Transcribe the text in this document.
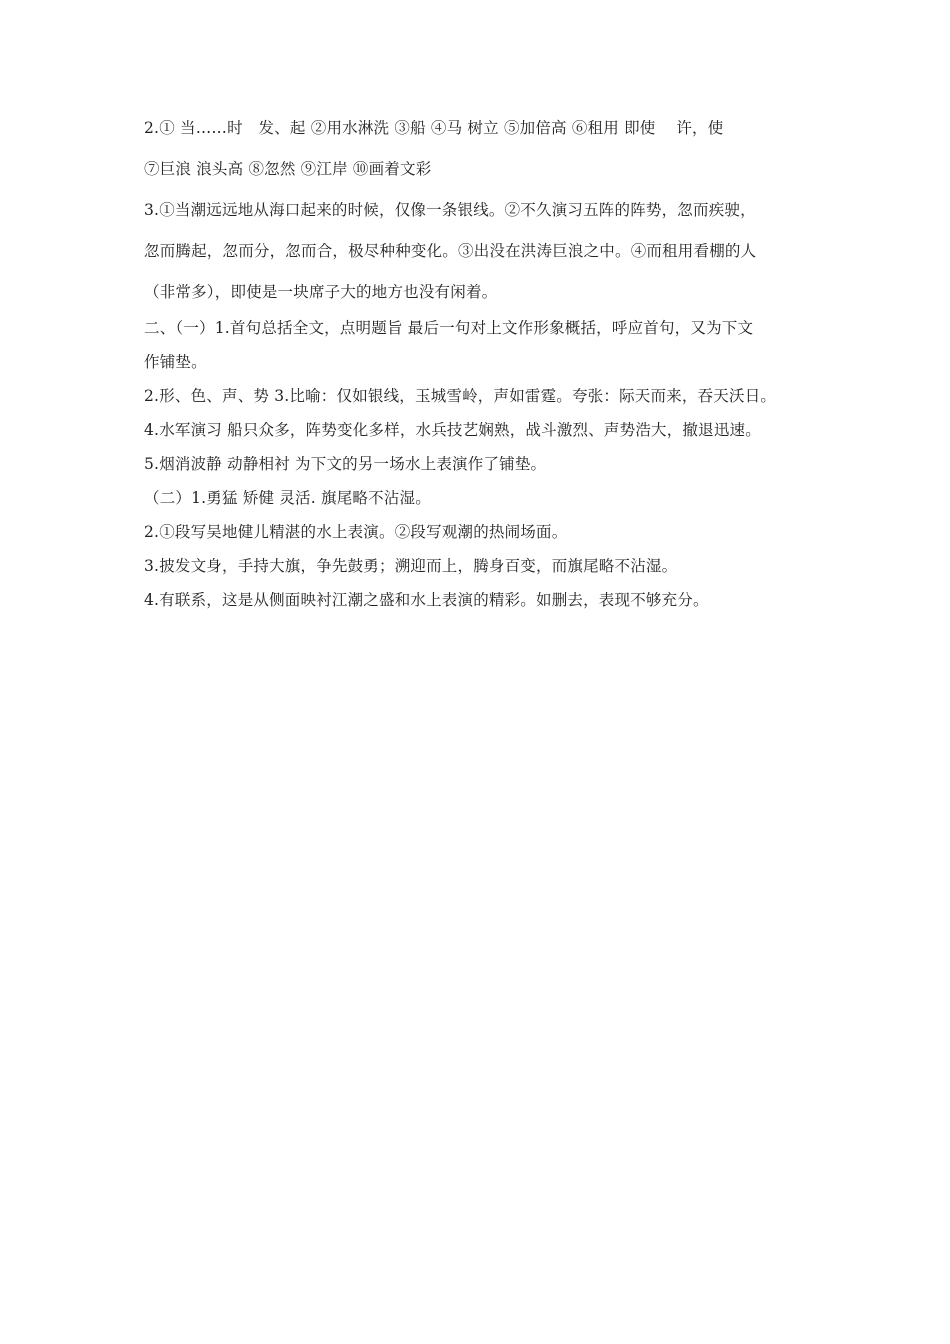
2.① 当……时　发、起 ②用水淋洗 ③船 ④马 树立 ⑤加倍高 ⑥租用 即使　 许，使

⑦巨浪 浪头高 ⑧忽然 ⑨江岸 ⑩画着文彩

3.①当潮远远地从海口起来的时候，仅像一条银线。②不久演习五阵的阵势，忽而疾驶，

忽而腾起，忽而分，忽而合，极尽种种变化。③出没在洪涛巨浪之中。④而租用看棚的人

（非常多），即使是一块席子大的地方也没有闲着。

二、（一）1.首句总括全文，点明题旨 最后一句对上文作形象概括，呼应首句，又为下文

作铺垫。

2.形、色、声、势 3.比喻：仅如银线，玉城雪岭，声如雷霆。夸张：际天而来，吞天沃日。

4.水军演习 船只众多，阵势变化多样，水兵技艺娴熟，战斗激烈、声势浩大，撤退迅速。

5.烟消波静 动静相衬 为下文的另一场水上表演作了铺垫。

（二）1.勇猛 矫健 灵活. 旗尾略不沾湿。

2.①段写吴地健儿精湛的水上表演。②段写观潮的热闹场面。

3.披发文身，手持大旗，争先鼓勇；溯迎而上，腾身百变，而旗尾略不沾湿。

4.有联系，这是从侧面映衬江潮之盛和水上表演的精彩。如删去，表现不够充分。
